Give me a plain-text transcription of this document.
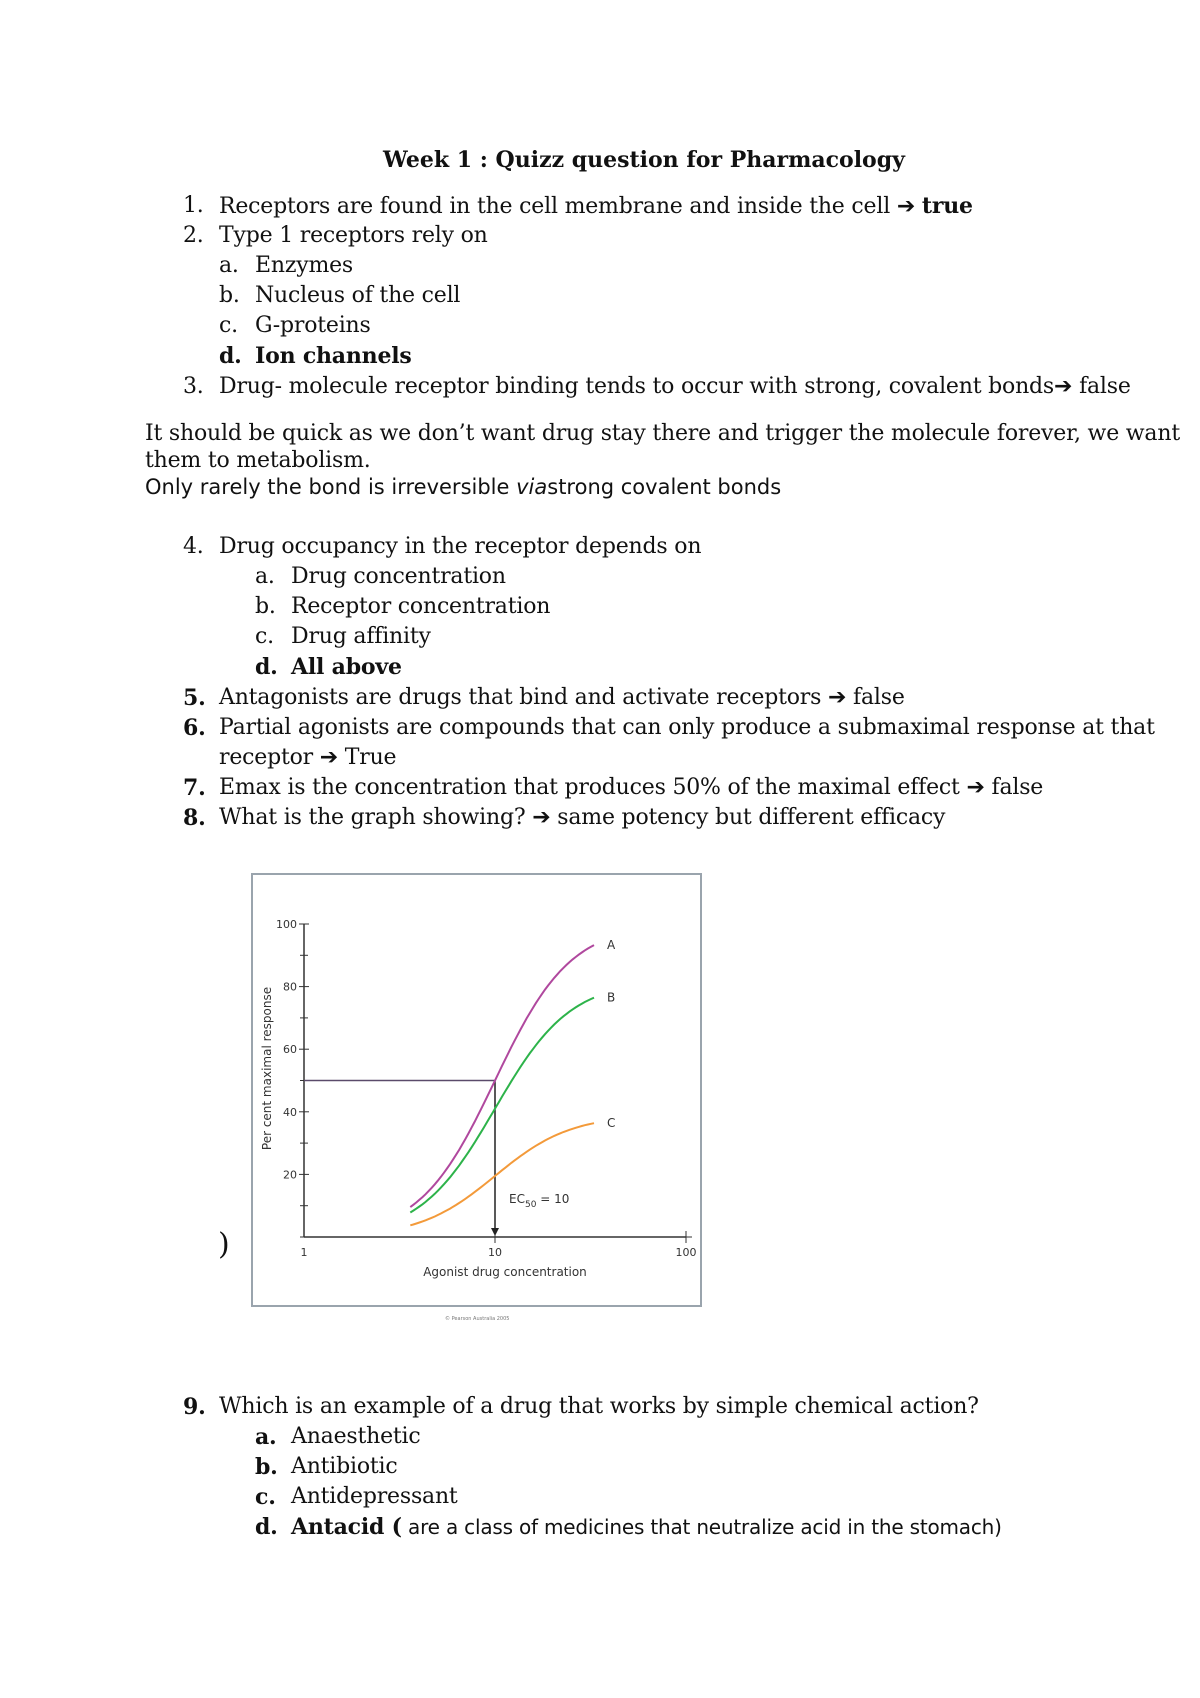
Week 1 : Quizz question for Pharmacology
1. Receptors are found in the cell membrane and inside the cell ➔ true
2. Type 1 receptors rely on
a. Enzymes
b. Nucleus of the cell
c. G-proteins
d. Ion channels
3. Drug- molecule receptor binding tends to occur with strong, covalent bonds➔ false
It should be quick as we don’t want drug stay there and trigger the molecule forever, we want
them to metabolism.
Only rarely the bond is irreversible viastrong covalent bonds
4. Drug occupancy in the receptor depends on
a. Drug concentration
b. Receptor concentration
c. Drug affinity
d. All above
5. Antagonists are drugs that bind and activate receptors ➔ false
6. Partial agonists are compounds that can only produce a submaximal response at that
receptor ➔ True
7. Emax is the concentration that produces 50% of the maximal effect ➔ false
8. What is the graph showing? ➔ same potency but different efficacy
)
20
40
60
80
100
1	10	100
Agonist drug concentration
Per cent maximal response
$EC_{50} = 10$
A
B
C
© Pearson Australia 2005
9. Which is an example of a drug that works by simple chemical action?
a. Anaesthetic
b. Antibiotic
c. Antidepressant
d. Antacid ( are a class of medicines that neutralize acid in the stomach)
